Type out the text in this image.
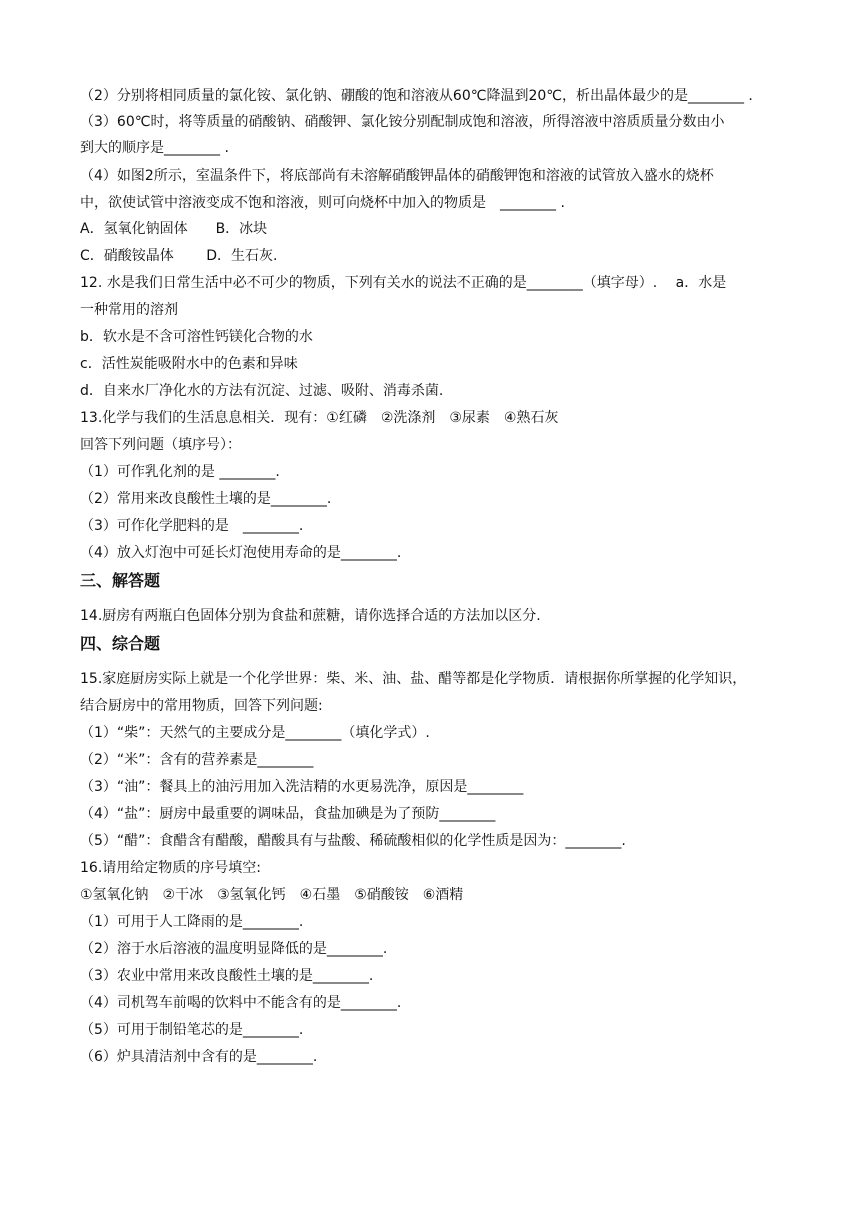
（2）分别将相同质量的氯化铵、氯化钠、硼酸的饱和溶液从60℃降温到20℃，析出晶体最少的是________ .
（3）60℃时，将等质量的硝酸钠、硝酸钾、氯化铵分别配制成饱和溶液，所得溶液中溶质质量分数由小
到大的顺序是________ .
（4）如图2所示，室温条件下，将底部尚有未溶解硝酸钾晶体的硝酸钾饱和溶液的试管放入盛水的烧杯
中，欲使试管中溶液变成不饱和溶液，则可向烧杯中加入的物质是　________ .
A．氢氧化钠固体　　B．冰块
C．硝酸铵晶体　　 D．生石灰.
12. 水是我们日常生活中必不可少的物质，下列有关水的说法不正确的是________（填字母）.　 a．水是
一种常用的溶剂
b．软水是不含可溶性钙镁化合物的水
c．活性炭能吸附水中的色素和异味
d．自来水厂净化水的方法有沉淀、过滤、吸附、消毒杀菌.
13.化学与我们的生活息息相关．现有：①红磷　②洗涤剂　③尿素　④熟石灰
回答下列问题（填序号）：
（1）可作乳化剂的是 ________.
（2）常用来改良酸性土壤的是________.
（3）可作化学肥料的是　________.
（4）放入灯泡中可延长灯泡使用寿命的是________.
三、解答题
14.厨房有两瓶白色固体分别为食盐和蔗糖，请你选择合适的方法加以区分.
四、综合题
15.家庭厨房实际上就是一个化学世界：柴、米、油、盐、醋等都是化学物质．请根据你所掌握的化学知识，
结合厨房中的常用物质，回答下列问题:
（1）“柴”：天然气的主要成分是________（填化学式）.
（2）“米”：含有的营养素是________
（3）“油”：餐具上的油污用加入洗洁精的水更易洗净，原因是________
（4）“盐”：厨房中最重要的调味品，食盐加碘是为了预防________
（5）“醋”：食醋含有醋酸，醋酸具有与盐酸、稀硫酸相似的化学性质是因为：________.
16.请用给定物质的序号填空:
①氢氧化钠　②干冰　③氢氧化钙　④石墨　⑤硝酸铵　⑥酒精
（1）可用于人工降雨的是________.
（2）溶于水后溶液的温度明显降低的是________.
（3）农业中常用来改良酸性土壤的是________.
（4）司机驾车前喝的饮料中不能含有的是________.
（5）可用于制铅笔芯的是________.
（6）炉具清洁剂中含有的是________.
